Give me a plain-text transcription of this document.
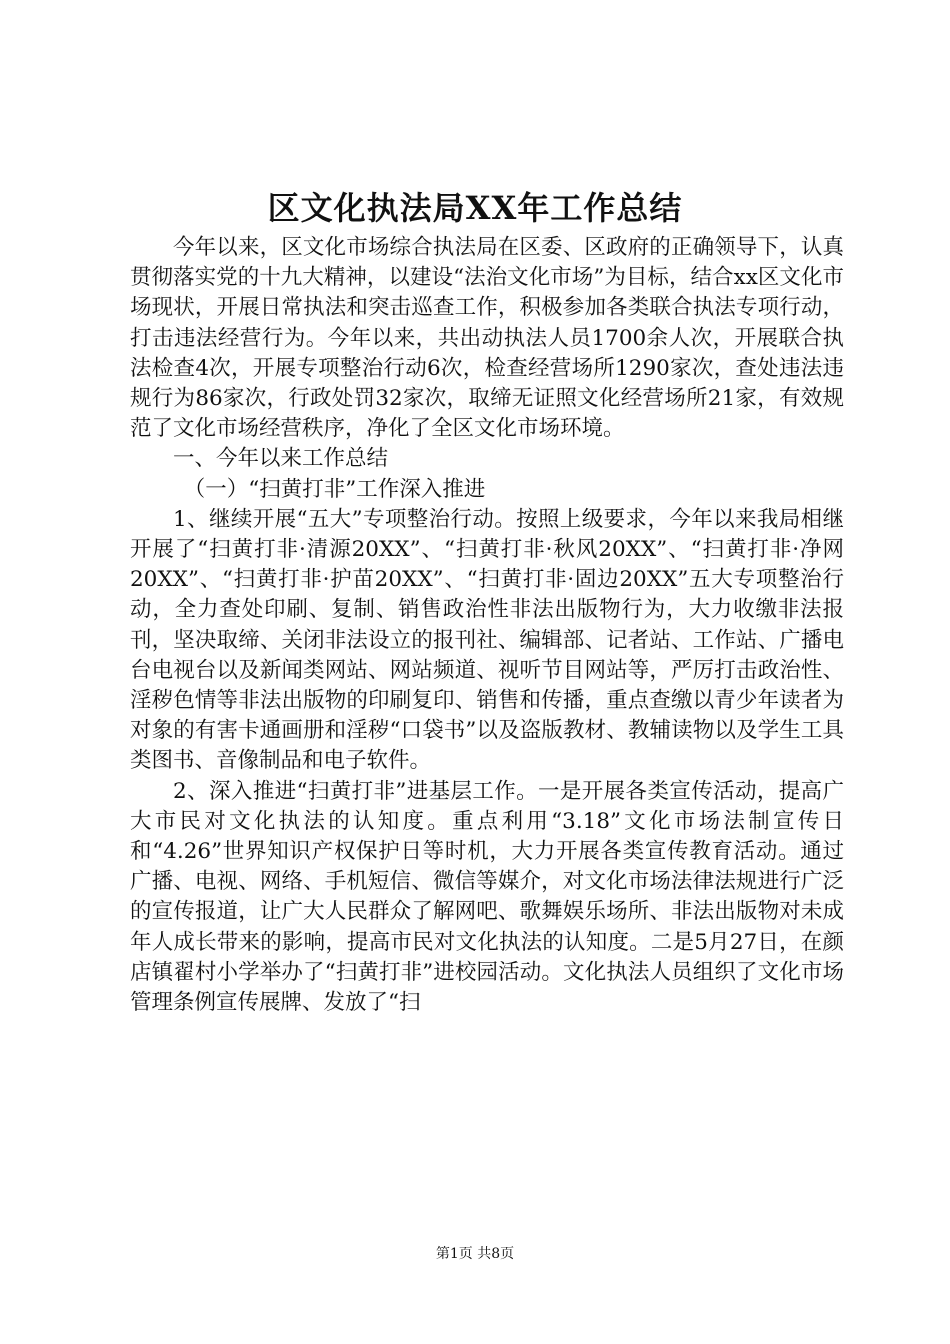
区文化执法局XX年工作总结

今年以来，区文化市场综合执法局在区委、区政府的正确领导下，认真贯彻落实党的十九大精神，以建设“法治文化市场”为目标，结合xx区文化市场现状，开展日常执法和突击巡查工作，积极参加各类联合执法专项行动，打击违法经营行为。今年以来，共出动执法人员1700余人次，开展联合执法检查4次，开展专项整治行动6次，检查经营场所1290家次，查处违法违规行为86家次，行政处罚32家次，取缔无证照文化经营场所21家，有效规范了文化市场经营秩序，净化了全区文化市场环境。

一、今年以来工作总结

（一）“扫黄打非”工作深入推进

1、继续开展“五大”专项整治行动。按照上级要求，今年以来我局相继开展了“扫黄打非·清源20XX”、“扫黄打非·秋风20XX”、“扫黄打非·净网20XX”、“扫黄打非·护苗20XX”、“扫黄打非·固边20XX”五大专项整治行动，全力查处印刷、复制、销售政治性非法出版物行为，大力收缴非法报刊，坚决取缔、关闭非法设立的报刊社、编辑部、记者站、工作站、广播电台电视台以及新闻类网站、网站频道、视听节目网站等，严厉打击政治性、淫秽色情等非法出版物的印刷复印、销售和传播，重点查缴以青少年读者为对象的有害卡通画册和淫秽“口袋书”以及盗版教材、教辅读物以及学生工具类图书、音像制品和电子软件。

2、深入推进“扫黄打非”进基层工作。一是开展各类宣传活动，提高广大市民对文化执法的认知度。重点利用“3.18”文化市场法制宣传日和“4.26”世界知识产权保护日等时机，大力开展各类宣传教育活动。通过广播、电视、网络、手机短信、微信等媒介，对文化市场法律法规进行广泛的宣传报道，让广大人民群众了解网吧、歌舞娱乐场所、非法出版物对未成年人成长带来的影响，提高市民对文化执法的认知度。二是5月27日，在颜店镇翟村小学举办了“扫黄打非”进校园活动。文化执法人员组织了文化市场管理条例宣传展牌、发放了“扫

第1页 共8页
